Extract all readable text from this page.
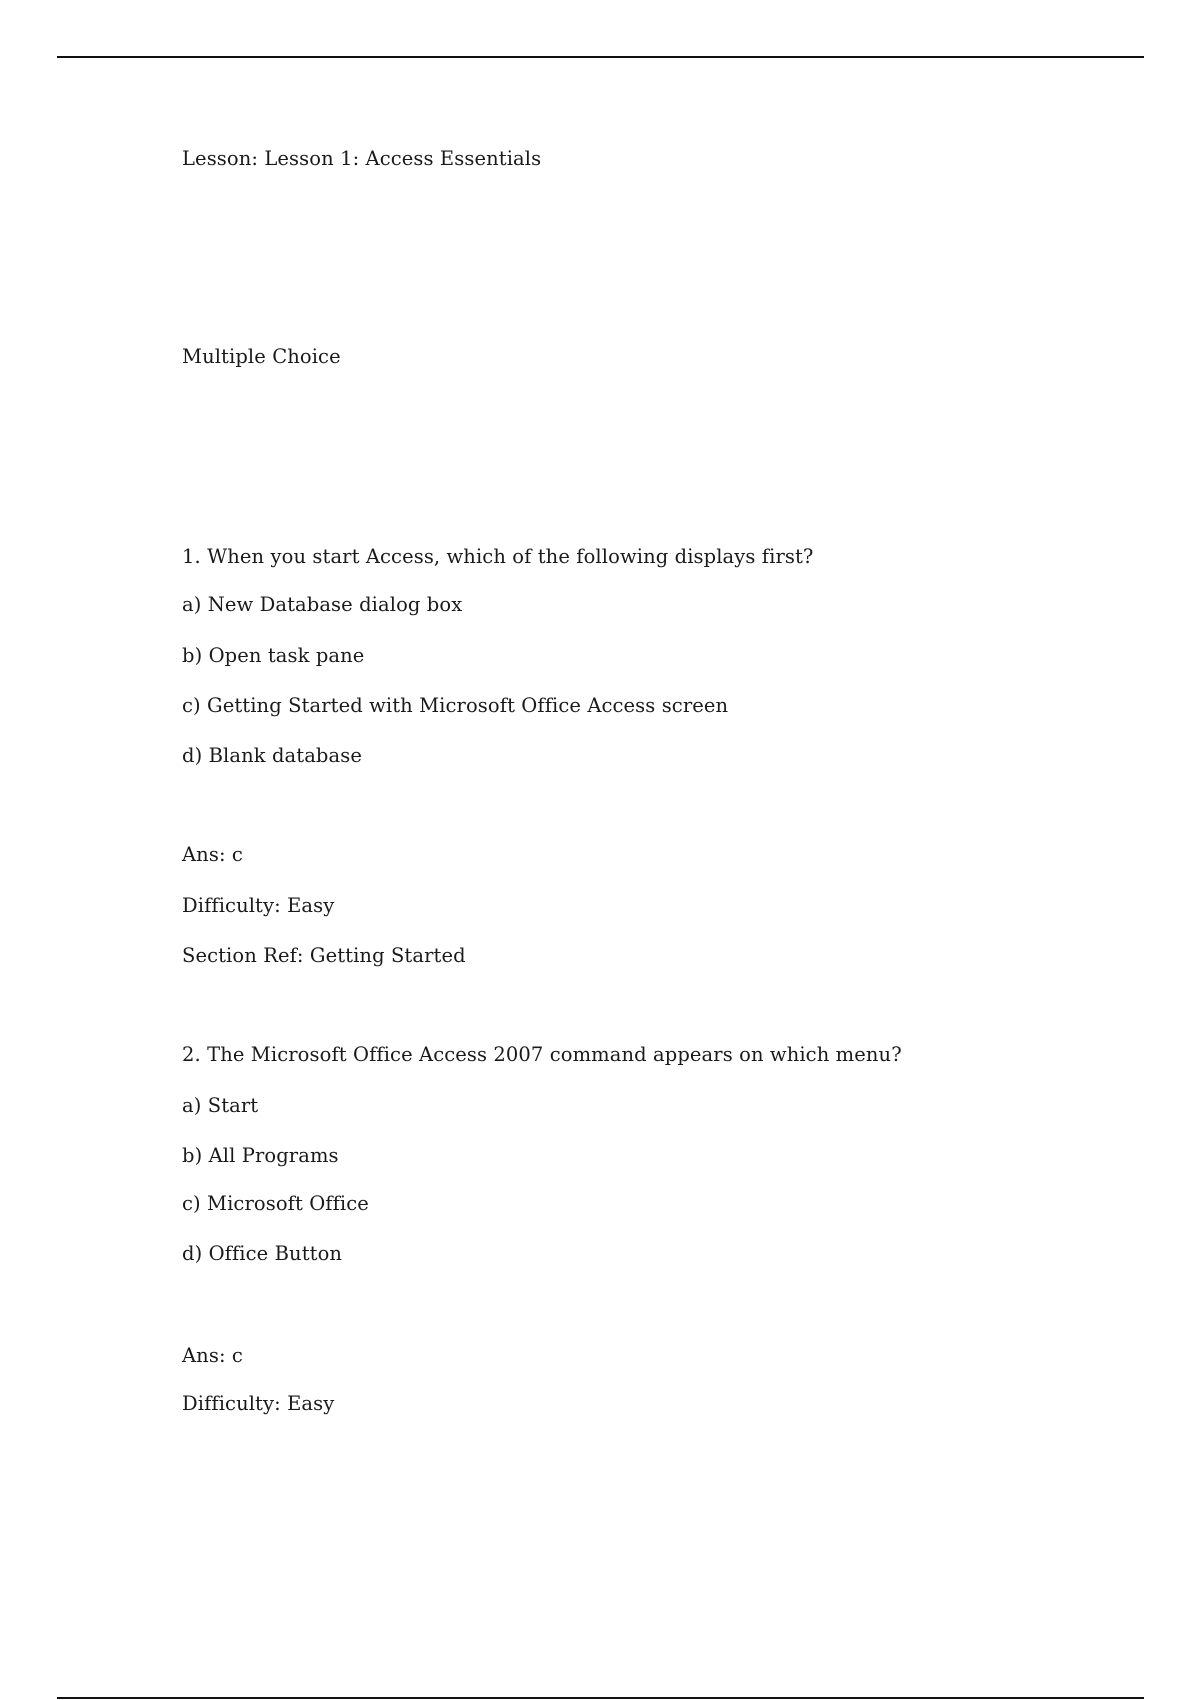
Lesson: Lesson 1: Access Essentials
Multiple Choice
1. When you start Access, which of the following displays first?
a) New Database dialog box
b) Open task pane
c) Getting Started with Microsoft Office Access screen
d) Blank database
Ans: c
Difficulty: Easy
Section Ref: Getting Started
2. The Microsoft Office Access 2007 command appears on which menu?
a) Start
b) All Programs
c) Microsoft Office
d) Office Button
Ans: c
Difficulty: Easy
